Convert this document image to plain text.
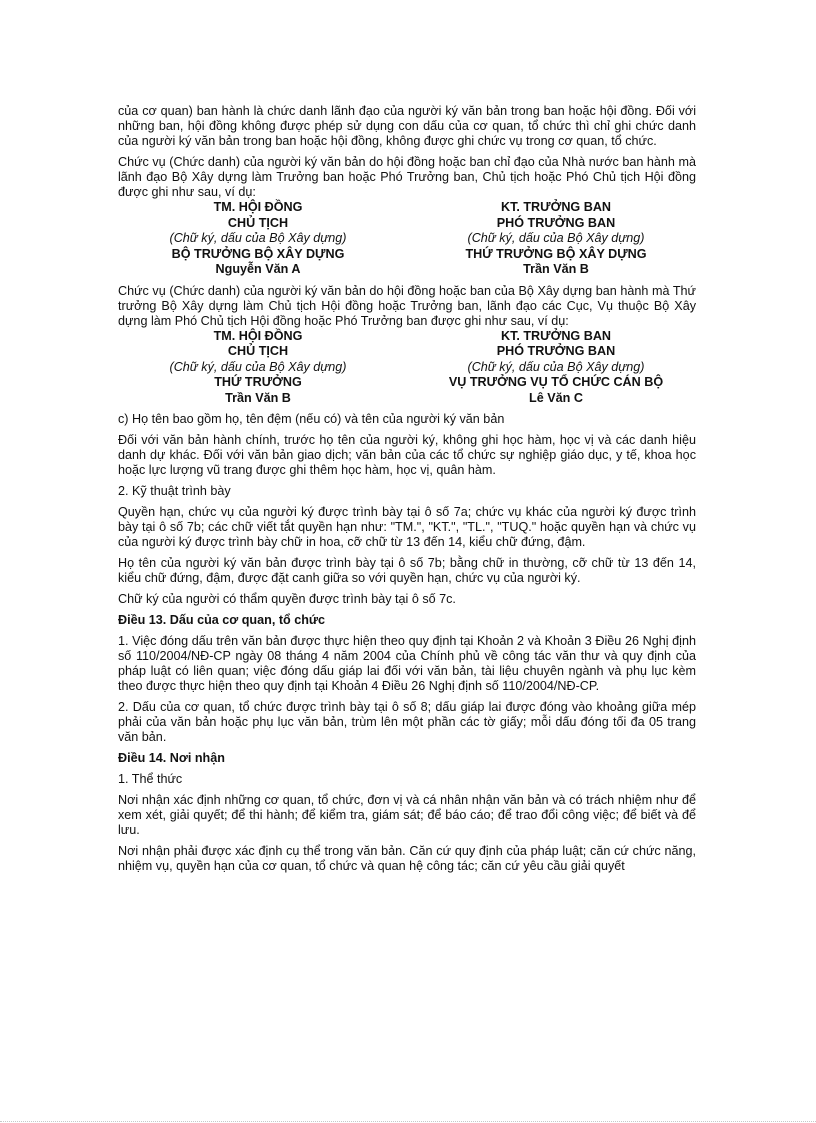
của cơ quan) ban hành là chức danh lãnh đạo của người ký văn bản trong ban hoặc hội đồng. Đối với những ban, hội đồng không được phép sử dụng con dấu của cơ quan, tổ chức thì chỉ ghi chức danh của người ký văn bản trong ban hoặc hội đồng, không được ghi chức vụ trong cơ quan, tổ chức.

Chức vụ (Chức danh) của người ký văn bản do hội đồng hoặc ban chỉ đạo của Nhà nước ban hành mà lãnh đạo Bộ Xây dựng làm Trưởng ban hoặc Phó Trưởng ban, Chủ tịch hoặc Phó Chủ tịch Hội đồng được ghi như sau, ví dụ:

TM. HỘI ĐỒNG
CHỦ TỊCH
(Chữ ký, dấu của Bộ Xây dựng)
BỘ TRƯỞNG BỘ XÂY DỰNG
Nguyễn Văn A
KT. TRƯỞNG BAN
PHÓ TRƯỞNG BAN
(Chữ ký, dấu của Bộ Xây dựng)
THỨ TRƯỞNG BỘ XÂY DỰNG
Trần Văn B

Chức vụ (Chức danh) của người ký văn bản do hội đồng hoặc ban của Bộ Xây dựng ban hành mà Thứ trưởng Bộ Xây dựng làm Chủ tịch Hội đồng hoặc Trưởng ban, lãnh đạo các Cục, Vụ thuộc Bộ Xây dựng làm Phó Chủ tịch Hội đồng hoặc Phó Trưởng ban được ghi như sau, ví dụ:

TM. HỘI ĐỒNG
CHỦ TỊCH
(Chữ ký, dấu của Bộ Xây dựng)
THỨ TRƯỞNG
Trần Văn B
KT. TRƯỞNG BAN
PHÓ TRƯỞNG BAN
(Chữ ký, dấu của Bộ Xây dựng)
VỤ TRƯỞNG VỤ TỔ CHỨC CÁN BỘ
Lê Văn C

c) Họ tên bao gồm họ, tên đệm (nếu có) và tên của người ký văn bản

Đối với văn bản hành chính, trước họ tên của người ký, không ghi học hàm, học vị và các danh hiệu danh dự khác. Đối với văn bản giao dịch; văn bản của các tổ chức sự nghiệp giáo dục, y tế, khoa học hoặc lực lượng vũ trang được ghi thêm học hàm, học vị, quân hàm.

2. Kỹ thuật trình bày

Quyền hạn, chức vụ của người ký được trình bày tại ô số 7a; chức vụ khác của người ký được trình bày tại ô số 7b; các chữ viết tắt quyền hạn như: "TM.", "KT.", "TL.", "TUQ." hoặc quyền hạn và chức vụ của người ký được trình bày chữ in hoa, cỡ chữ từ 13 đến 14, kiểu chữ đứng, đậm.

Họ tên của người ký văn bản được trình bày tại ô số 7b; bằng chữ in thường, cỡ chữ từ 13 đến 14, kiểu chữ đứng, đậm, được đặt canh giữa so với quyền hạn, chức vụ của người ký.

Chữ ký của người có thẩm quyền được trình bày tại ô số 7c.

Điều 13. Dấu của cơ quan, tổ chức

1. Việc đóng dấu trên văn bản được thực hiện theo quy định tại Khoản 2 và Khoản 3 Điều 26 Nghị định số 110/2004/NĐ-CP ngày 08 tháng 4 năm 2004 của Chính phủ về công tác văn thư và quy định của pháp luật có liên quan; việc đóng dấu giáp lai đối với văn bản, tài liệu chuyên ngành và phụ lục kèm theo được thực hiện theo quy định tại Khoản 4 Điều 26 Nghị định số 110/2004/NĐ-CP.

2. Dấu của cơ quan, tổ chức được trình bày tại ô số 8; dấu giáp lai được đóng vào khoảng giữa mép phải của văn bản hoặc phụ lục văn bản, trùm lên một phần các tờ giấy; mỗi dấu đóng tối đa 05 trang văn bản.

Điều 14. Nơi nhận

1. Thể thức

Nơi nhận xác định những cơ quan, tổ chức, đơn vị và cá nhân nhận văn bản và có trách nhiệm như để xem xét, giải quyết; để thi hành; để kiểm tra, giám sát; để báo cáo; để trao đổi công việc; để biết và để lưu.

Nơi nhận phải được xác định cụ thể trong văn bản. Căn cứ quy định của pháp luật; căn cứ chức năng, nhiệm vụ, quyền hạn của cơ quan, tổ chức và quan hệ công tác; căn cứ yêu cầu giải quyết
